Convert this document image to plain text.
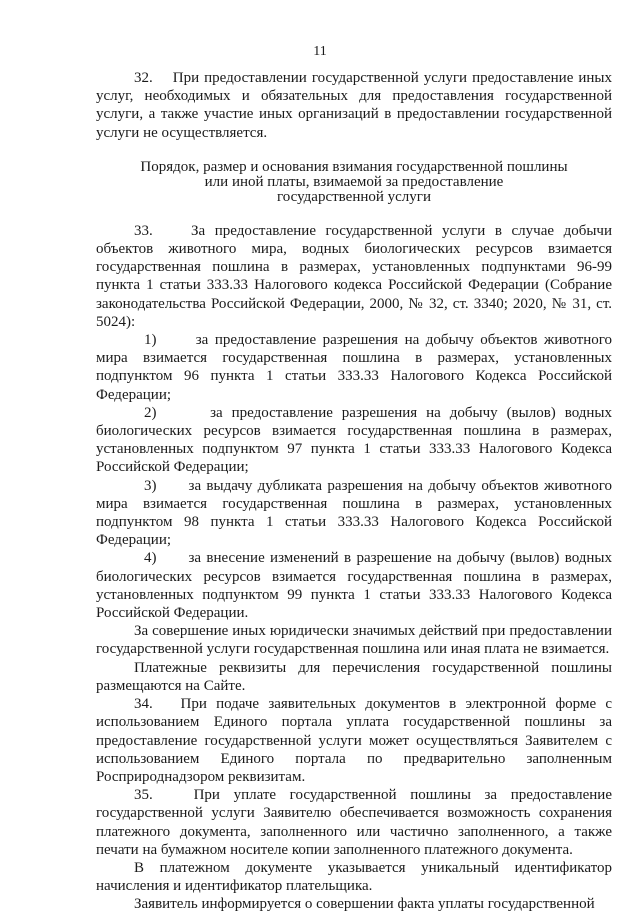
11

32.    При предоставлении государственной услуги предоставление иных услуг, необходимых и обязательных для предоставления государственной услуги, а также участие иных организаций в предоставлении государственной услуги не осуществляется.

Порядок, размер и основания взимания государственной пошлины
или иной платы, взимаемой за предоставление
государственной услуги

33.    За предоставление государственной услуги в случае добычи объектов животного мира, водных биологических ресурсов взимается государственная пошлина в размерах, установленных подпунктами 96-99 пункта 1 статьи 333.33 Налогового кодекса Российской Федерации (Собрание законодательства Российской Федерации, 2000, № 32, ст. 3340; 2020, № 31, ст. 5024):

1)      за предоставление разрешения на добычу объектов животного мира взимается государственная пошлина в размерах, установленных подпунктом 96 пункта 1 статьи 333.33 Налогового Кодекса Российской Федерации;

2)      за предоставление разрешения на добычу (вылов) водных биологических ресурсов взимается государственная пошлина в размерах, установленных подпунктом 97 пункта 1 статьи 333.33 Налогового Кодекса Российской Федерации;

3)      за выдачу дубликата разрешения на добычу объектов животного мира взимается государственная пошлина в размерах, установленных подпунктом 98 пункта 1 статьи 333.33 Налогового Кодекса Российской Федерации;

4)      за внесение изменений в разрешение на добычу (вылов) водных биологических ресурсов взимается государственная пошлина в размерах, установленных подпунктом 99 пункта 1 статьи 333.33 Налогового Кодекса Российской Федерации.

За совершение иных юридически значимых действий при предоставлении государственной услуги государственная пошлина или иная плата не взимается.

Платежные реквизиты для перечисления государственной пошлины размещаются на Сайте.

34.   При подаче заявительных документов в электронной форме с использованием Единого портала уплата государственной пошлины за предоставление государственной услуги может осуществляться Заявителем с использованием Единого портала по предварительно заполненным Росприроднадзором реквизитам.

35.   При уплате государственной пошлины за предоставление государственной услуги Заявителю обеспечивается возможность сохранения платежного документа, заполненного или частично заполненного, а также печати на бумажном носителе копии заполненного платежного документа.

В платежном документе указывается уникальный идентификатор начисления и идентификатор плательщика.

Заявитель информируется о совершении факта уплаты государственной
